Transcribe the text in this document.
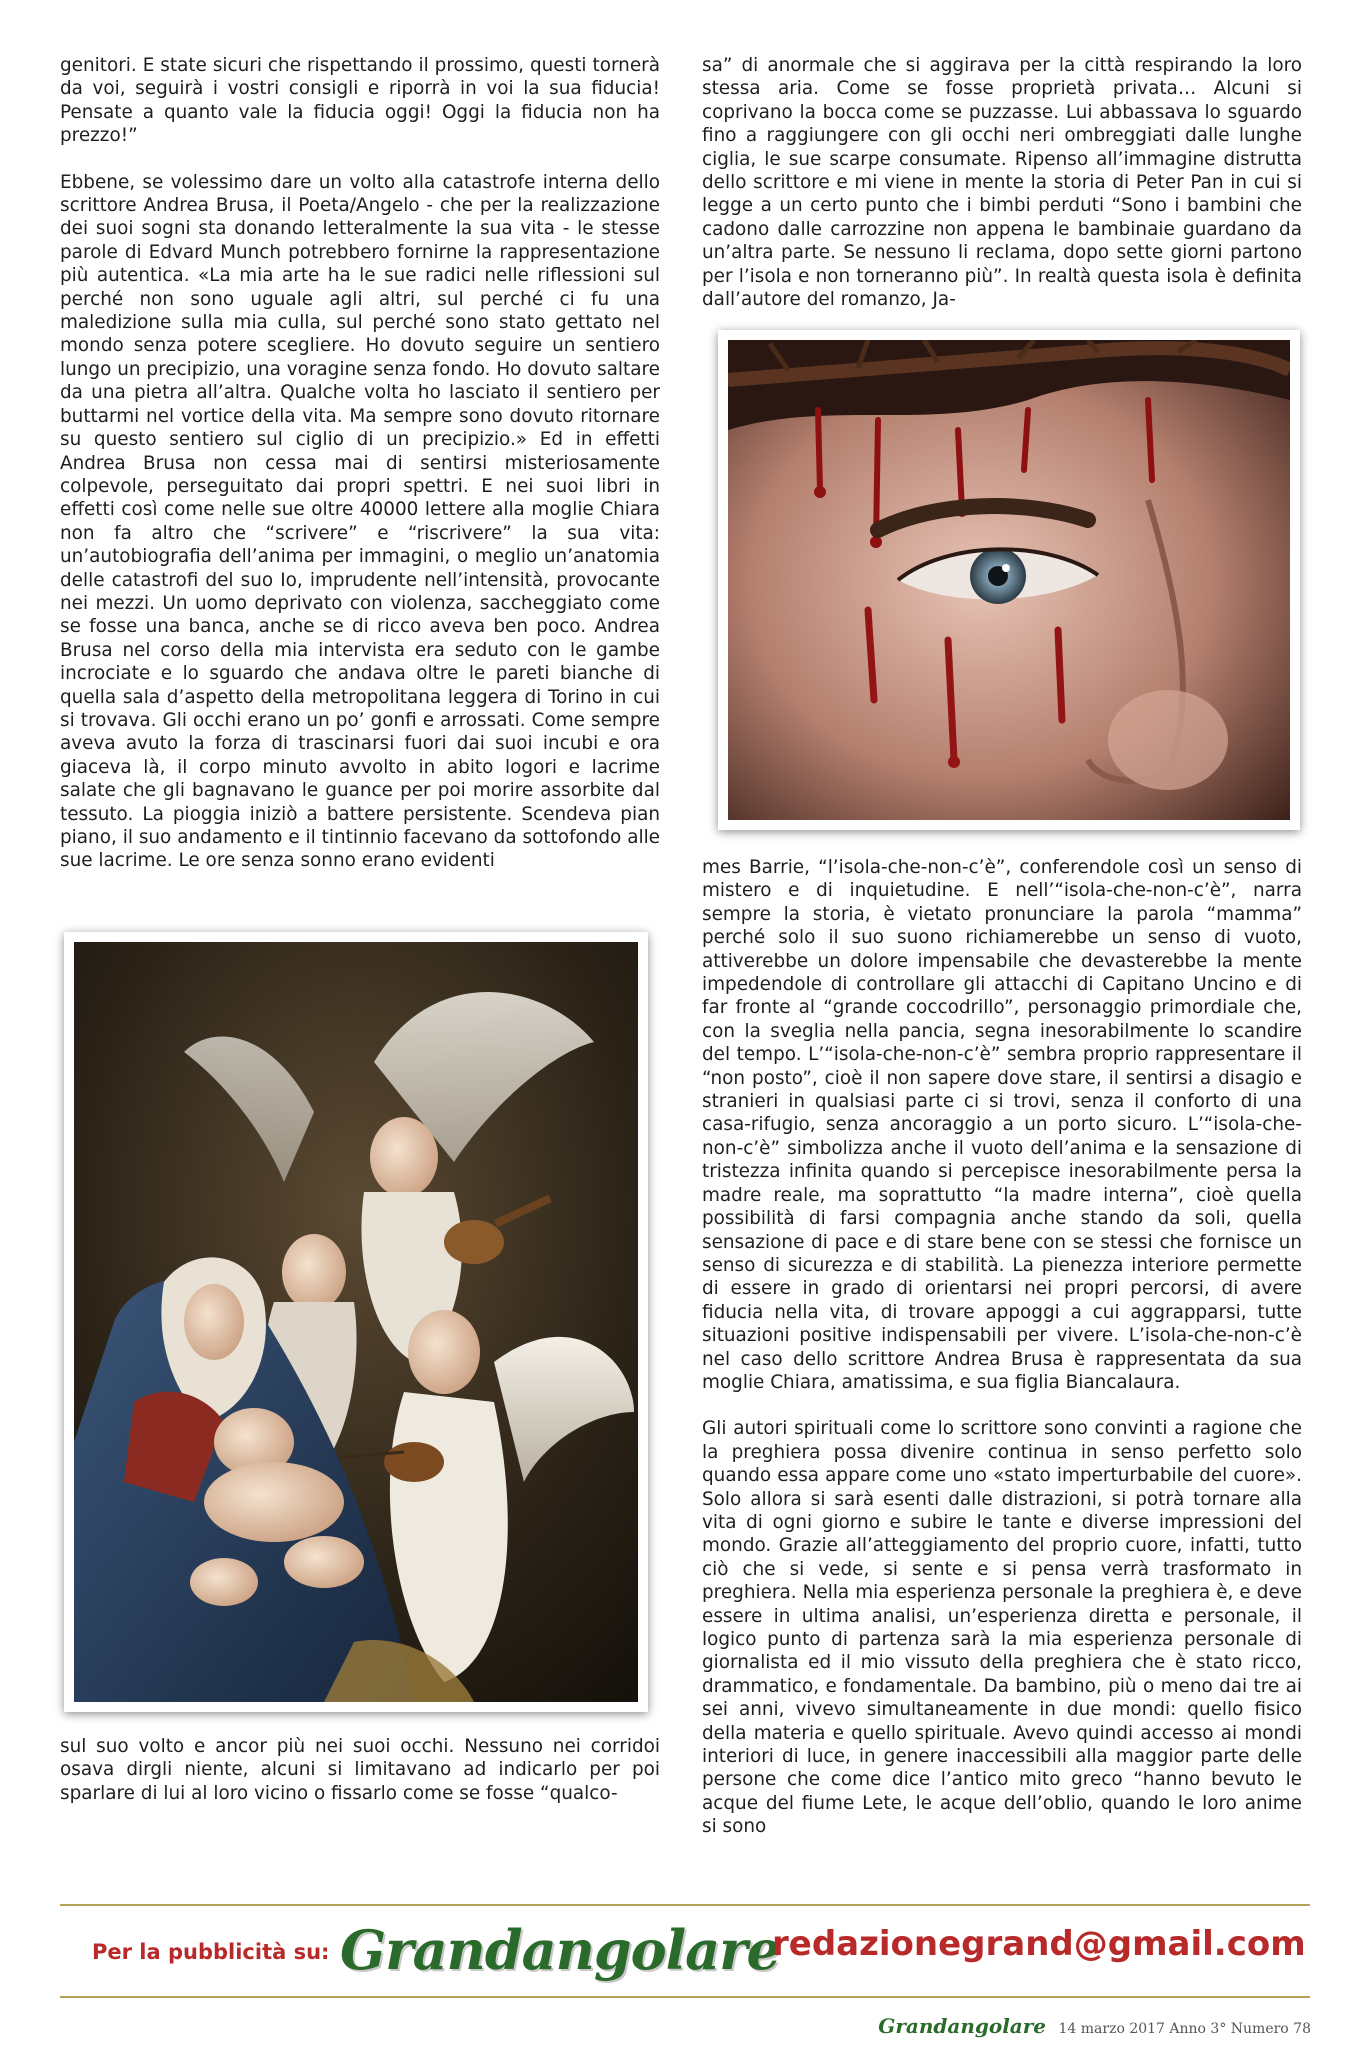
genitori. E state sicuri che rispettando il prossimo, questi tornerà da voi, seguirà i vostri consigli e riporrà in voi la sua fiducia! Pensate a quanto vale la fiducia oggi! Oggi la fiducia non ha prezzo!”

Ebbene, se volessimo dare un volto alla catastrofe interna dello scrittore Andrea Brusa, il Poeta/Angelo - che per la realizzazione dei suoi sogni sta donando letteralmente la sua vita - le stesse parole di Edvard Munch potrebbero fornirne la rappresentazione più autentica. «La mia arte ha le sue radici nelle riflessioni sul perché non sono uguale agli altri, sul perché ci fu una maledizione sulla mia culla, sul perché sono stato gettato nel mondo senza potere scegliere. Ho dovuto seguire un sentiero lungo un precipizio, una voragine senza fondo. Ho dovuto saltare da una pietra all’altra. Qualche volta ho lasciato il sentiero per buttarmi nel vortice della vita. Ma sempre sono dovuto ritornare su questo sentiero sul ciglio di un precipizio.» Ed in effetti Andrea Brusa non cessa mai di sentirsi misteriosamente colpevole, perseguitato dai propri spettri. E nei suoi libri in effetti così come nelle sue oltre 40000 lettere alla moglie Chiara non fa altro che “scrivere” e “riscrivere” la sua vita: un’autobiografia dell’anima per immagini, o meglio un’anatomia delle catastrofi del suo Io, imprudente nell’intensità, provocante nei mezzi. Un uomo deprivato con violenza, saccheggiato come se fosse una banca, anche se di ricco aveva ben poco. Andrea Brusa nel corso della mia intervista era seduto con le gambe incrociate e lo sguardo che andava oltre le pareti bianche di quella sala d’aspetto della metropolitana leggera di Torino in cui si trovava. Gli occhi erano un po’ gonfi e arrossati. Come sempre aveva avuto la forza di trascinarsi fuori dai suoi incubi e ora giaceva là, il corpo minuto avvolto in abito logori e lacrime salate che gli bagnavano le guance per poi morire assorbite dal tessuto. La pioggia iniziò a battere persistente. Scendeva pian piano, il suo andamento e il tintinnio facevano da sottofondo alle sue lacrime. Le ore senza sonno erano evidenti

sul suo volto e ancor più nei suoi occhi. Nessuno nei corridoi osava dirgli niente, alcuni si limitavano ad indicarlo per poi sparlare di lui al loro vicino o fissarlo come se fosse “qualco-

sa” di anormale che si aggirava per la città respirando la loro stessa aria. Come se fosse proprietà privata… Alcuni si coprivano la bocca come se puzzasse. Lui abbassava lo sguardo fino a raggiungere con gli occhi neri ombreggiati dalle lunghe ciglia, le sue scarpe consumate. Ripenso all’immagine distrutta dello scrittore e mi viene in mente la storia di Peter Pan in cui si legge a un certo punto che i bimbi perduti “Sono i bambini che cadono dalle carrozzine non appena le bambinaie guardano da un’altra parte. Se nessuno li reclama, dopo sette giorni partono per l’isola e non torneranno più”. In realtà questa isola è definita dall’autore del romanzo, Ja-

mes Barrie, “l’isola-che-non-c’è”, conferendole così un senso di mistero e di inquietudine. E nell’“isola-che-non-c’è”, narra sempre la storia, è vietato pronunciare la parola “mamma” perché solo il suo suono richiamerebbe un senso di vuoto, attiverebbe un dolore impensabile che devasterebbe la mente impedendole di controllare gli attacchi di Capitano Uncino e di far fronte al “grande coccodrillo”, personaggio primordiale che, con la sveglia nella pancia, segna inesorabilmente lo scandire del tempo. L’“isola-che-non-c’è” sembra proprio rappresentare il “non posto”, cioè il non sapere dove stare, il sentirsi a disagio e stranieri in qualsiasi parte ci si trovi, senza il conforto di una casa-rifugio, senza ancoraggio a un porto sicuro. L’“isola-che-non-c’è” simbolizza anche il vuoto dell’anima e la sensazione di tristezza infinita quando si percepisce inesorabilmente persa la madre reale, ma soprattutto “la madre interna”, cioè quella possibilità di farsi compagnia anche stando da soli, quella sensazione di pace e di stare bene con se stessi che fornisce un senso di sicurezza e di stabilità. La pienezza interiore permette di essere in grado di orientarsi nei propri percorsi, di avere fiducia nella vita, di trovare appoggi a cui aggrapparsi, tutte situazioni positive indispensabili per vivere. L’isola-che-non-c’è nel caso dello scrittore Andrea Brusa è rappresentata da sua moglie Chiara, amatissima, e sua figlia Biancalaura.

Gli autori spirituali come lo scrittore sono convinti a ragione che la preghiera possa divenire continua in senso perfetto solo quando essa appare come uno «stato imperturbabile del cuore». Solo allora si sarà esenti dalle distrazioni, si potrà tornare alla vita di ogni giorno e subire le tante e diverse impressioni del mondo. Grazie all’atteggiamento del proprio cuore, infatti, tutto ciò che si vede, si sente e si pensa verrà trasformato in preghiera. Nella mia esperienza personale la preghiera è, e deve essere in ultima analisi, un’esperienza diretta e personale, il logico punto di partenza sarà la mia esperienza personale di giornalista ed il mio vissuto della preghiera che è stato ricco, drammatico, e fondamentale. Da bambino, più o meno dai tre ai sei anni, vivevo simultaneamente in due mondi: quello fisico della materia e quello spirituale. Avevo quindi accesso ai mondi interiori di luce, in genere inaccessibili alla maggior parte delle persone che come dice l’antico mito greco “hanno bevuto le acque del fiume Lete, le acque dell’oblio, quando le loro anime si sono

Per la pubblicità su: Grandangolare
redazionegrand@gmail.com
Grandangolare 14 marzo 2017 Anno 3° Numero 78
